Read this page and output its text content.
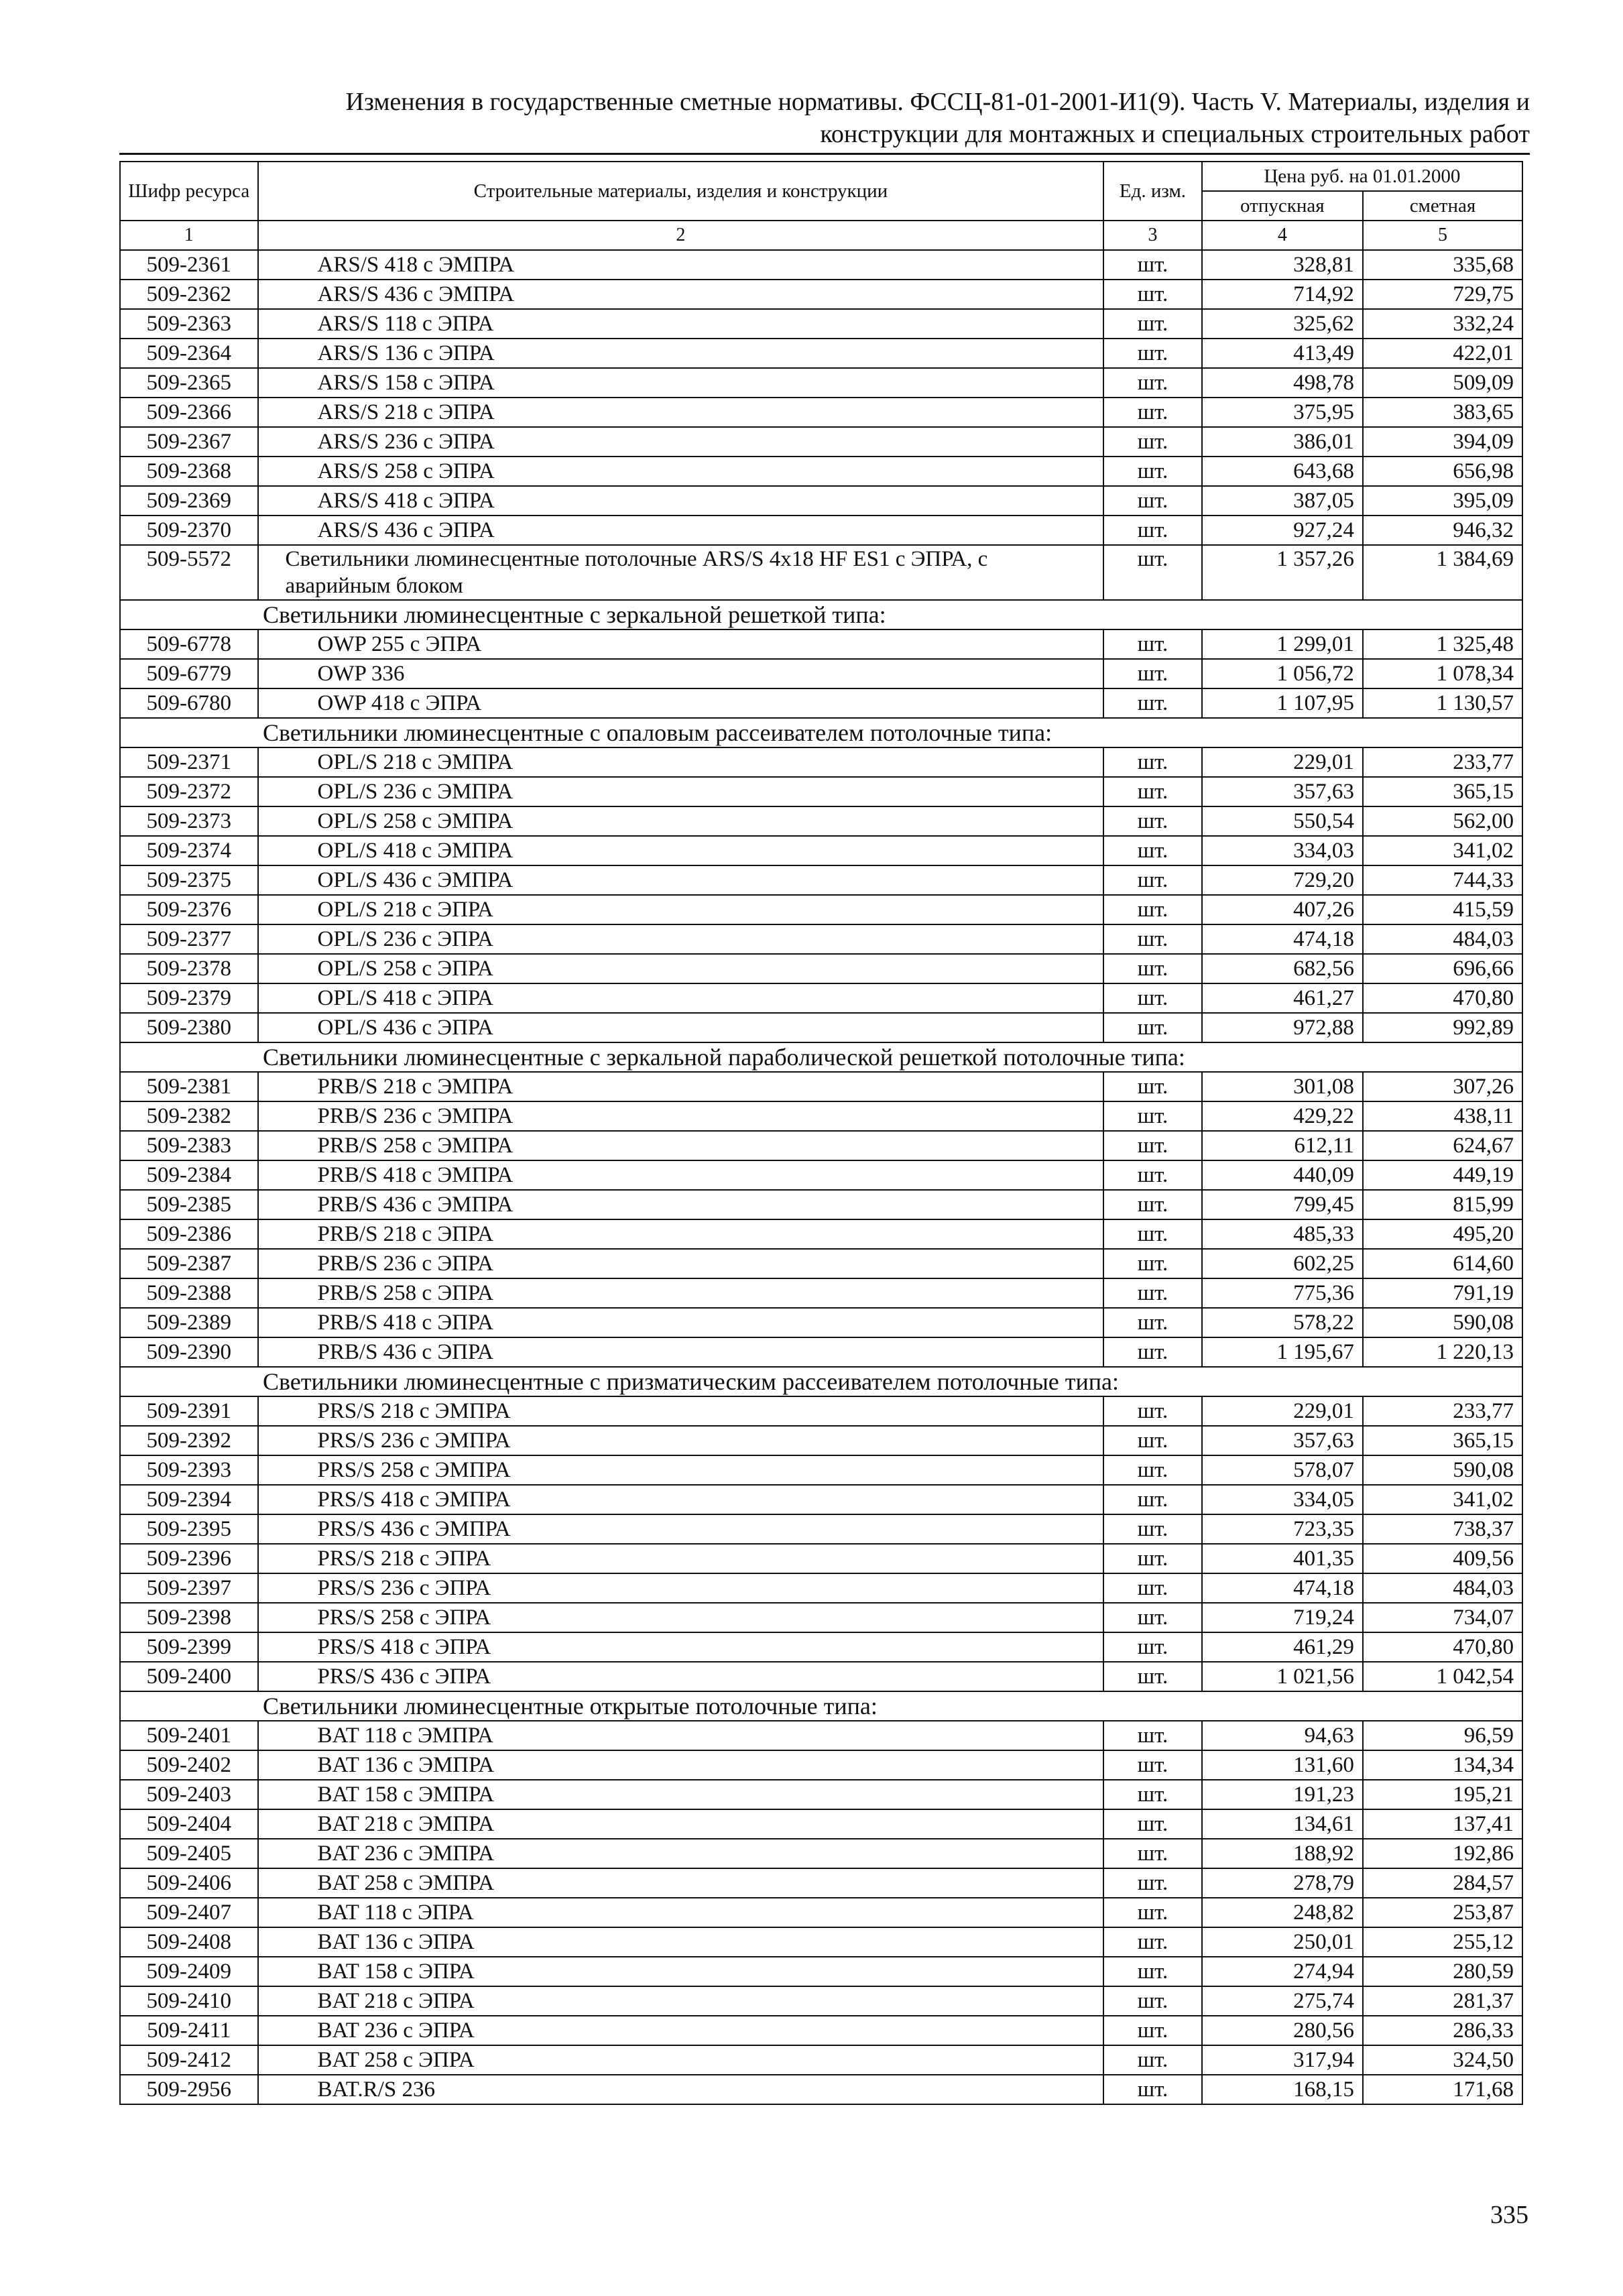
Изменения в государственные сметные нормативы. ФССЦ-81-01-2001-И1(9). Часть V. Материалы, изделия и
конструкции для монтажных и специальных строительных работ
Шифр ресурса	Строительные материалы, изделия и конструкции	Ед. изм.	Цена руб. на 01.01.2000	
			отпускная	сметная
1	2	3	4	5
509-2361	ARS/S 418 с ЭМПРА	шт.	328,81	335,68
509-2362	ARS/S 436 с ЭМПРА	шт.	714,92	729,75
509-2363	ARS/S 118 с ЭПРА	шт.	325,62	332,24
509-2364	ARS/S 136 с ЭПРА	шт.	413,49	422,01
509-2365	ARS/S 158 с ЭПРА	шт.	498,78	509,09
509-2366	ARS/S 218 с ЭПРА	шт.	375,95	383,65
509-2367	ARS/S 236 с ЭПРА	шт.	386,01	394,09
509-2368	ARS/S 258 с ЭПРА	шт.	643,68	656,98
509-2369	ARS/S 418 с ЭПРА	шт.	387,05	395,09
509-2370	ARS/S 436 с ЭПРА	шт.	927,24	946,32
509-5572	Светильники люминесцентные потолочные ARS/S 4x18 HF ES1 с ЭПРА, с аварийным блоком	шт.	1 357,26	1 384,69
Светильники люминесцентные с зеркальной решеткой типа:				
509-6778	OWP 255 с ЭПРА	шт.	1 299,01	1 325,48
509-6779	OWP 336	шт.	1 056,72	1 078,34
509-6780	OWP 418 с ЭПРА	шт.	1 107,95	1 130,57
Светильники люминесцентные с опаловым рассеивателем потолочные типа:				
509-2371	OPL/S 218 с ЭМПРА	шт.	229,01	233,77
509-2372	OPL/S 236 с ЭМПРА	шт.	357,63	365,15
509-2373	OPL/S 258 с ЭМПРА	шт.	550,54	562,00
509-2374	OPL/S 418 с ЭМПРА	шт.	334,03	341,02
509-2375	OPL/S 436 с ЭМПРА	шт.	729,20	744,33
509-2376	OPL/S 218 с ЭПРА	шт.	407,26	415,59
509-2377	OPL/S 236 с ЭПРА	шт.	474,18	484,03
509-2378	OPL/S 258 с ЭПРА	шт.	682,56	696,66
509-2379	OPL/S 418 с ЭПРА	шт.	461,27	470,80
509-2380	OPL/S 436 с ЭПРА	шт.	972,88	992,89
Светильники люминесцентные с зеркальной параболической решеткой потолочные типа:				
509-2381	PRB/S 218 с ЭМПРА	шт.	301,08	307,26
509-2382	PRB/S 236 с ЭМПРА	шт.	429,22	438,11
509-2383	PRB/S 258 с ЭМПРА	шт.	612,11	624,67
509-2384	PRB/S 418 с ЭМПРА	шт.	440,09	449,19
509-2385	PRB/S 436 с ЭМПРА	шт.	799,45	815,99
509-2386	PRB/S 218 с ЭПРА	шт.	485,33	495,20
509-2387	PRB/S 236 с ЭПРА	шт.	602,25	614,60
509-2388	PRB/S 258 с ЭПРА	шт.	775,36	791,19
509-2389	PRB/S 418 с ЭПРА	шт.	578,22	590,08
509-2390	PRB/S 436 с ЭПРА	шт.	1 195,67	1 220,13
Светильники люминесцентные с призматическим рассеивателем потолочные типа:				
509-2391	PRS/S 218 с ЭМПРА	шт.	229,01	233,77
509-2392	PRS/S 236 с ЭМПРА	шт.	357,63	365,15
509-2393	PRS/S 258 с ЭМПРА	шт.	578,07	590,08
509-2394	PRS/S 418 с ЭМПРА	шт.	334,05	341,02
509-2395	PRS/S 436 с ЭМПРА	шт.	723,35	738,37
509-2396	PRS/S 218 с ЭПРА	шт.	401,35	409,56
509-2397	PRS/S 236 с ЭПРА	шт.	474,18	484,03
509-2398	PRS/S 258 с ЭПРА	шт.	719,24	734,07
509-2399	PRS/S 418 с ЭПРА	шт.	461,29	470,80
509-2400	PRS/S 436 с ЭПРА	шт.	1 021,56	1 042,54
Светильники люминесцентные открытые потолочные типа:				
509-2401	BAT 118 с ЭМПРА	шт.	94,63	96,59
509-2402	BAT 136 с ЭМПРА	шт.	131,60	134,34
509-2403	BAT 158 с ЭМПРА	шт.	191,23	195,21
509-2404	BAT 218 с ЭМПРА	шт.	134,61	137,41
509-2405	BAT 236 с ЭМПРА	шт.	188,92	192,86
509-2406	BAT 258 с ЭМПРА	шт.	278,79	284,57
509-2407	BAT 118 с ЭПРА	шт.	248,82	253,87
509-2408	BAT 136 с ЭПРА	шт.	250,01	255,12
509-2409	BAT 158 с ЭПРА	шт.	274,94	280,59
509-2410	BAT 218 с ЭПРА	шт.	275,74	281,37
509-2411	BAT 236 с ЭПРА	шт.	280,56	286,33
509-2412	BAT 258 с ЭПРА	шт.	317,94	324,50
509-2956	BAT.R/S 236	шт.	168,15	171,68
335
